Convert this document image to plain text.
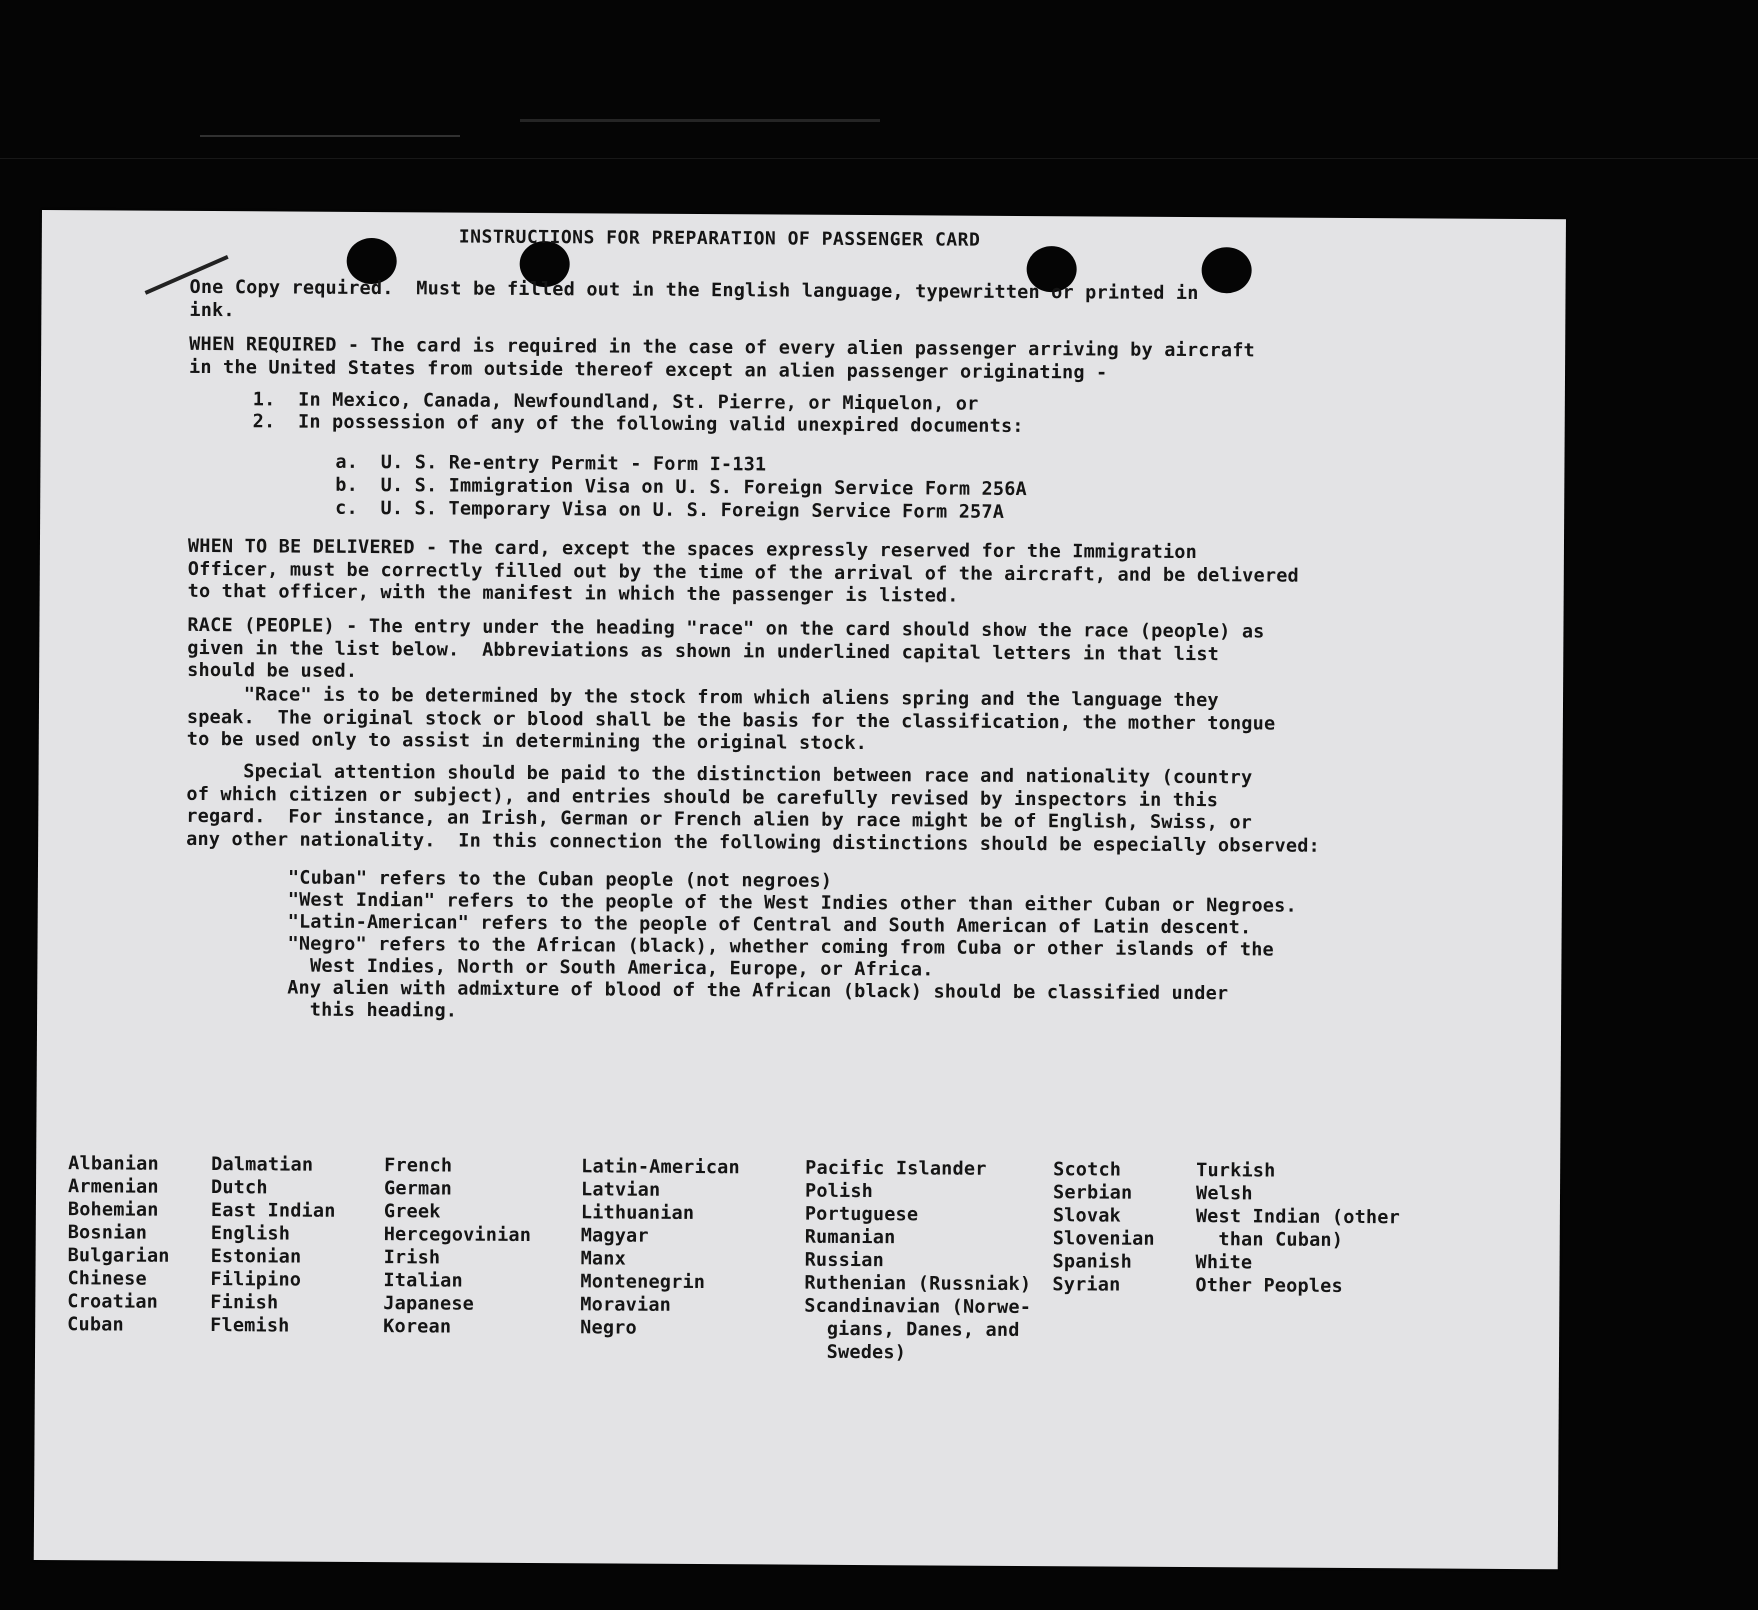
INSTRUCTIONS FOR PREPARATION OF PASSENGER CARD

One Copy required.  Must be filled out in the English language, typewritten or printed in
ink.

WHEN REQUIRED - The card is required in the case of every alien passenger arriving by aircraft
in the United States from outside thereof except an alien passenger originating -

1.  In Mexico, Canada, Newfoundland, St. Pierre, or Miquelon, or

2.  In possession of any of the following valid unexpired documents:

a.  U. S. Re-entry Permit - Form I-131

b.  U. S. Immigration Visa on U. S. Foreign Service Form 256A

c.  U. S. Temporary Visa on U. S. Foreign Service Form 257A

WHEN TO BE DELIVERED - The card, except the spaces expressly reserved for the Immigration
Officer, must be correctly filled out by the time of the arrival of the aircraft, and be delivered
to that officer, with the manifest in which the passenger is listed.

RACE (PEOPLE) - The entry under the heading "race" on the card should show the race (people) as
given in the list below.  Abbreviations as shown in underlined capital letters in that list
should be used.

"Race" is to be determined by the stock from which aliens spring and the language they
speak.  The original stock or blood shall be the basis for the classification, the mother tongue
to be used only to assist in determining the original stock.

Special attention should be paid to the distinction between race and nationality (country
of which citizen or subject), and entries should be carefully revised by inspectors in this
regard.  For instance, an Irish, German or French alien by race might be of English, Swiss, or
any other nationality.  In this connection the following distinctions should be especially observed:

"Cuban" refers to the Cuban people (not negroes)
"West Indian" refers to the people of the West Indies other than either Cuban or Negroes.
"Latin-American" refers to the people of Central and South American of Latin descent.
"Negro" refers to the African (black), whether coming from Cuba or other islands of the
West Indies, North or South America, Europe, or Africa.
Any alien with admixture of blood of the African (black) should be classified under
this heading.

Albanian
Armenian
Bohemian
Bosnian
Bulgarian
Chinese
Croatian
Cuban
Dalmatian
Dutch
East Indian
English
Estonian
Filipino
Finish
Flemish
French
German
Greek
Hercegovinian
Irish
Italian
Japanese
Korean
Latin-American
Latvian
Lithuanian
Magyar
Manx
Montenegrin
Moravian
Negro
Pacific Islander
Polish
Portuguese
Rumanian
Russian
Ruthenian (Russniak)
Scandinavian (Norwe-
gians, Danes, and
Swedes)
Scotch
Serbian
Slovak
Slovenian
Spanish
Syrian
Turkish
Welsh
West Indian (other
than Cuban)
White
Other Peoples
